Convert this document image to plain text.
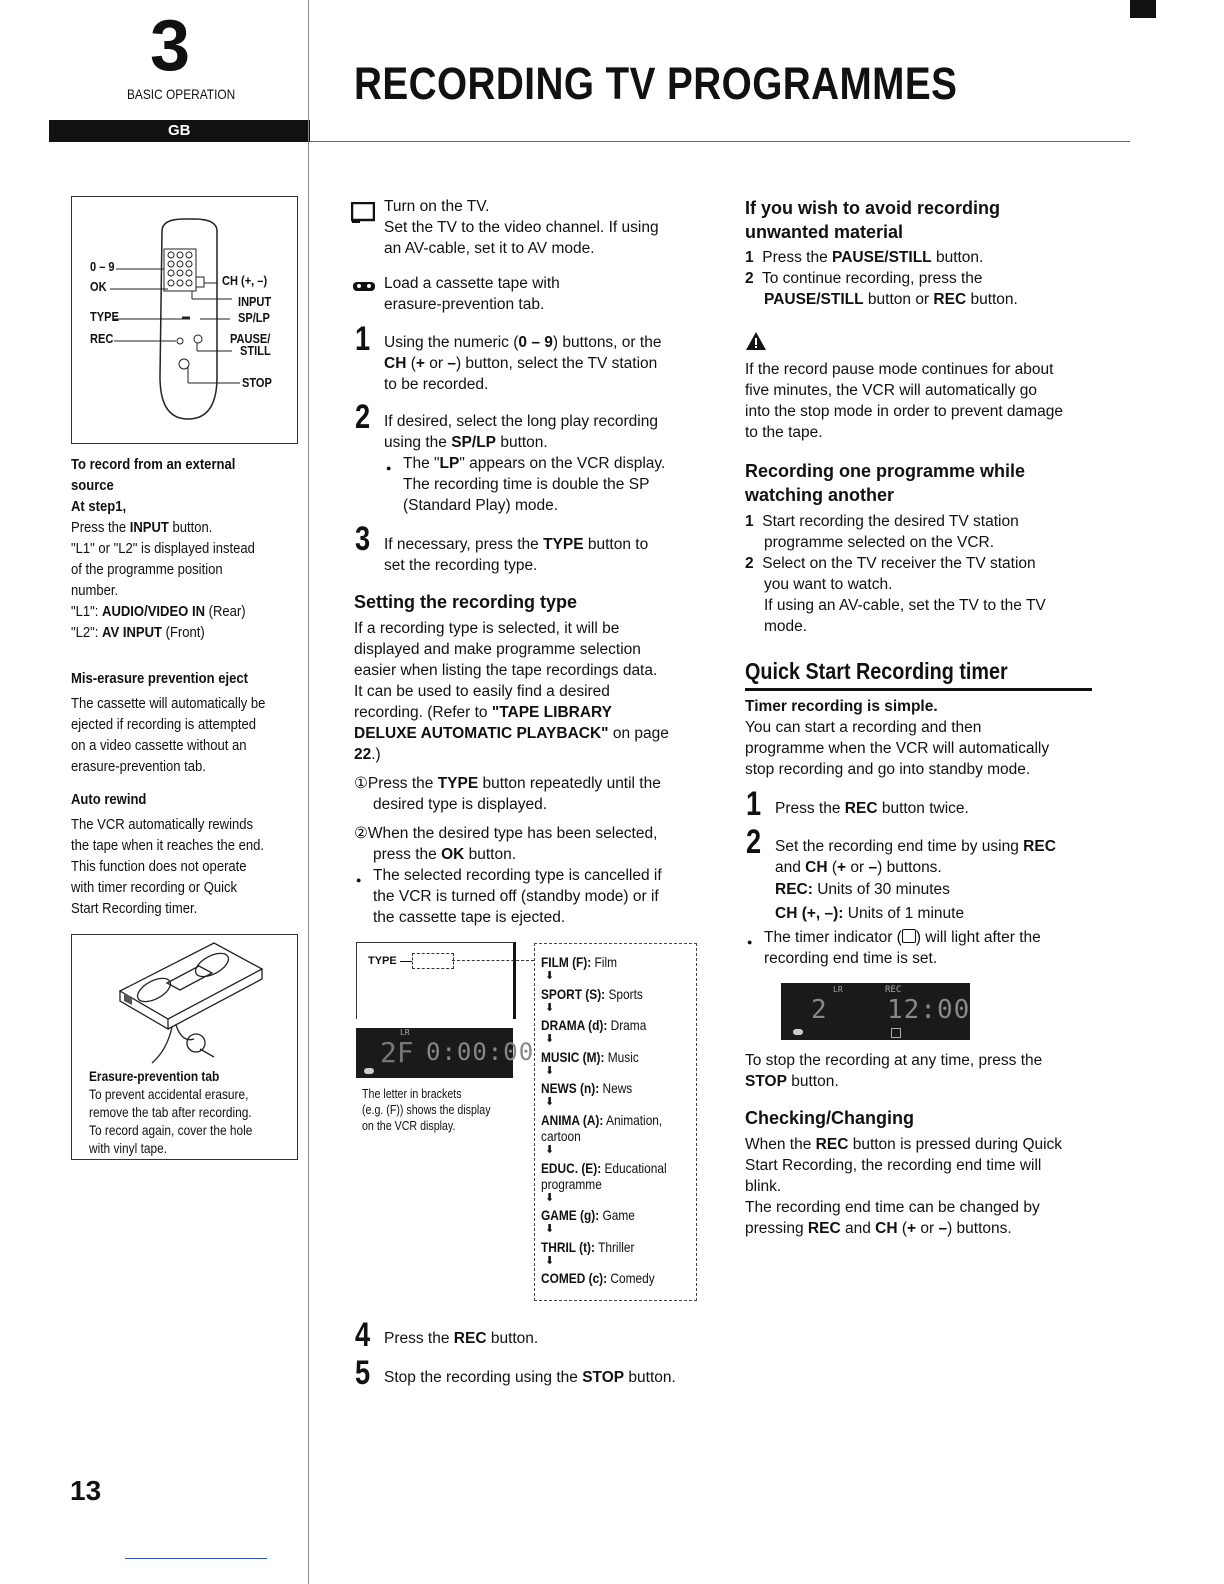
3
BASIC OPERATION	RECORDING TV PROGRAMMES
GB
0 – 9
OK
TYPE
REC
CH (+, –)
INPUT
SP/LP
PAUSE/
STILL
STOP
To record from an external
source
At step1,
Press the INPUT button.
"L1" or "L2" is displayed instead
of the programme position
number.
"L1": AUDIO/VIDEO IN (Rear)
"L2": AV INPUT (Front)
Mis-erasure prevention eject
The cassette will automatically be
ejected if recording is attempted
on a video cassette without an
erasure-prevention tab.
Auto rewind
The VCR automatically rewinds
the tape when it reaches the end.
This function does not operate
with timer recording or Quick
Start Recording timer.
Erasure-prevention tab
To prevent accidental erasure,
remove the tab after recording.
To record again, cover the hole
with vinyl tape.
13
Turn on the TV.
Set the TV to the video channel. If using
an AV-cable, set it to AV mode.
Load a cassette tape with
erasure-prevention tab.
1 Using the numeric (0 – 9) buttons, or the
CH (+ or –) button, select the TV station
to be recorded.
2 If desired, select the long play recording
using the SP/LP button.
● The "LP" appears on the VCR display.
The recording time is double the SP
(Standard Play) mode.
3 If necessary, press the TYPE button to
set the recording type.
Setting the recording type
If a recording type is selected, it will be
displayed and make programme selection
easier when listing the tape recordings data.
It can be used to easily find a desired
recording. (Refer to "TAPE LIBRARY
DELUXE AUTOMATIC PLAYBACK" on page
22.)
①Press the TYPE button repeatedly until the
desired type is displayed.
②When the desired type has been selected,
press the OK button.
● The selected recording type is cancelled if
the VCR is turned off (standby mode) or if
the cassette tape is ejected.
TYPE
LR
2F 0:00:00
The letter in brackets
(e.g. (F)) shows the display
on the VCR display.
FILM (F): Film
⬇
SPORT (S): Sports
⬇
DRAMA (d): Drama
⬇
MUSIC (M): Music
⬇
NEWS (n): News
⬇
ANIMA (A): Animation,
cartoon
⬇
EDUC. (E): Educational
programme
⬇
GAME (g): Game
⬇
THRIL (t): Thriller
⬇
COMED (c): Comedy
4 Press the REC button.
5 Stop the recording using the STOP button.
If you wish to avoid recording
unwanted material
1 Press the PAUSE/STILL button.
2 To continue recording, press the
PAUSE/STILL button or REC button.
If the record pause mode continues for about
five minutes, the VCR will automatically go
into the stop mode in order to prevent damage
to the tape.
Recording one programme while
watching another
1 Start recording the desired TV station
programme selected on the VCR.
2 Select on the TV receiver the TV station
you want to watch.
If using an AV-cable, set the TV to the TV
mode.
Quick Start Recording timer
Timer recording is simple.
You can start a recording and then
programme when the VCR will automatically
stop recording and go into standby mode.
1 Press the REC button twice.
2 Set the recording end time by using REC
and CH (+ or –) buttons.
REC: Units of 30 minutes
CH (+, –): Units of 1 minute
● The timer indicator ( ) will light after the
recording end time is set.
LR	REC
2 12:00
To stop the recording at any time, press the
STOP button.
Checking/Changing
When the REC button is pressed during Quick
Start Recording, the recording end time will
blink.
The recording end time can be changed by
pressing REC and CH (+ or –) buttons.
